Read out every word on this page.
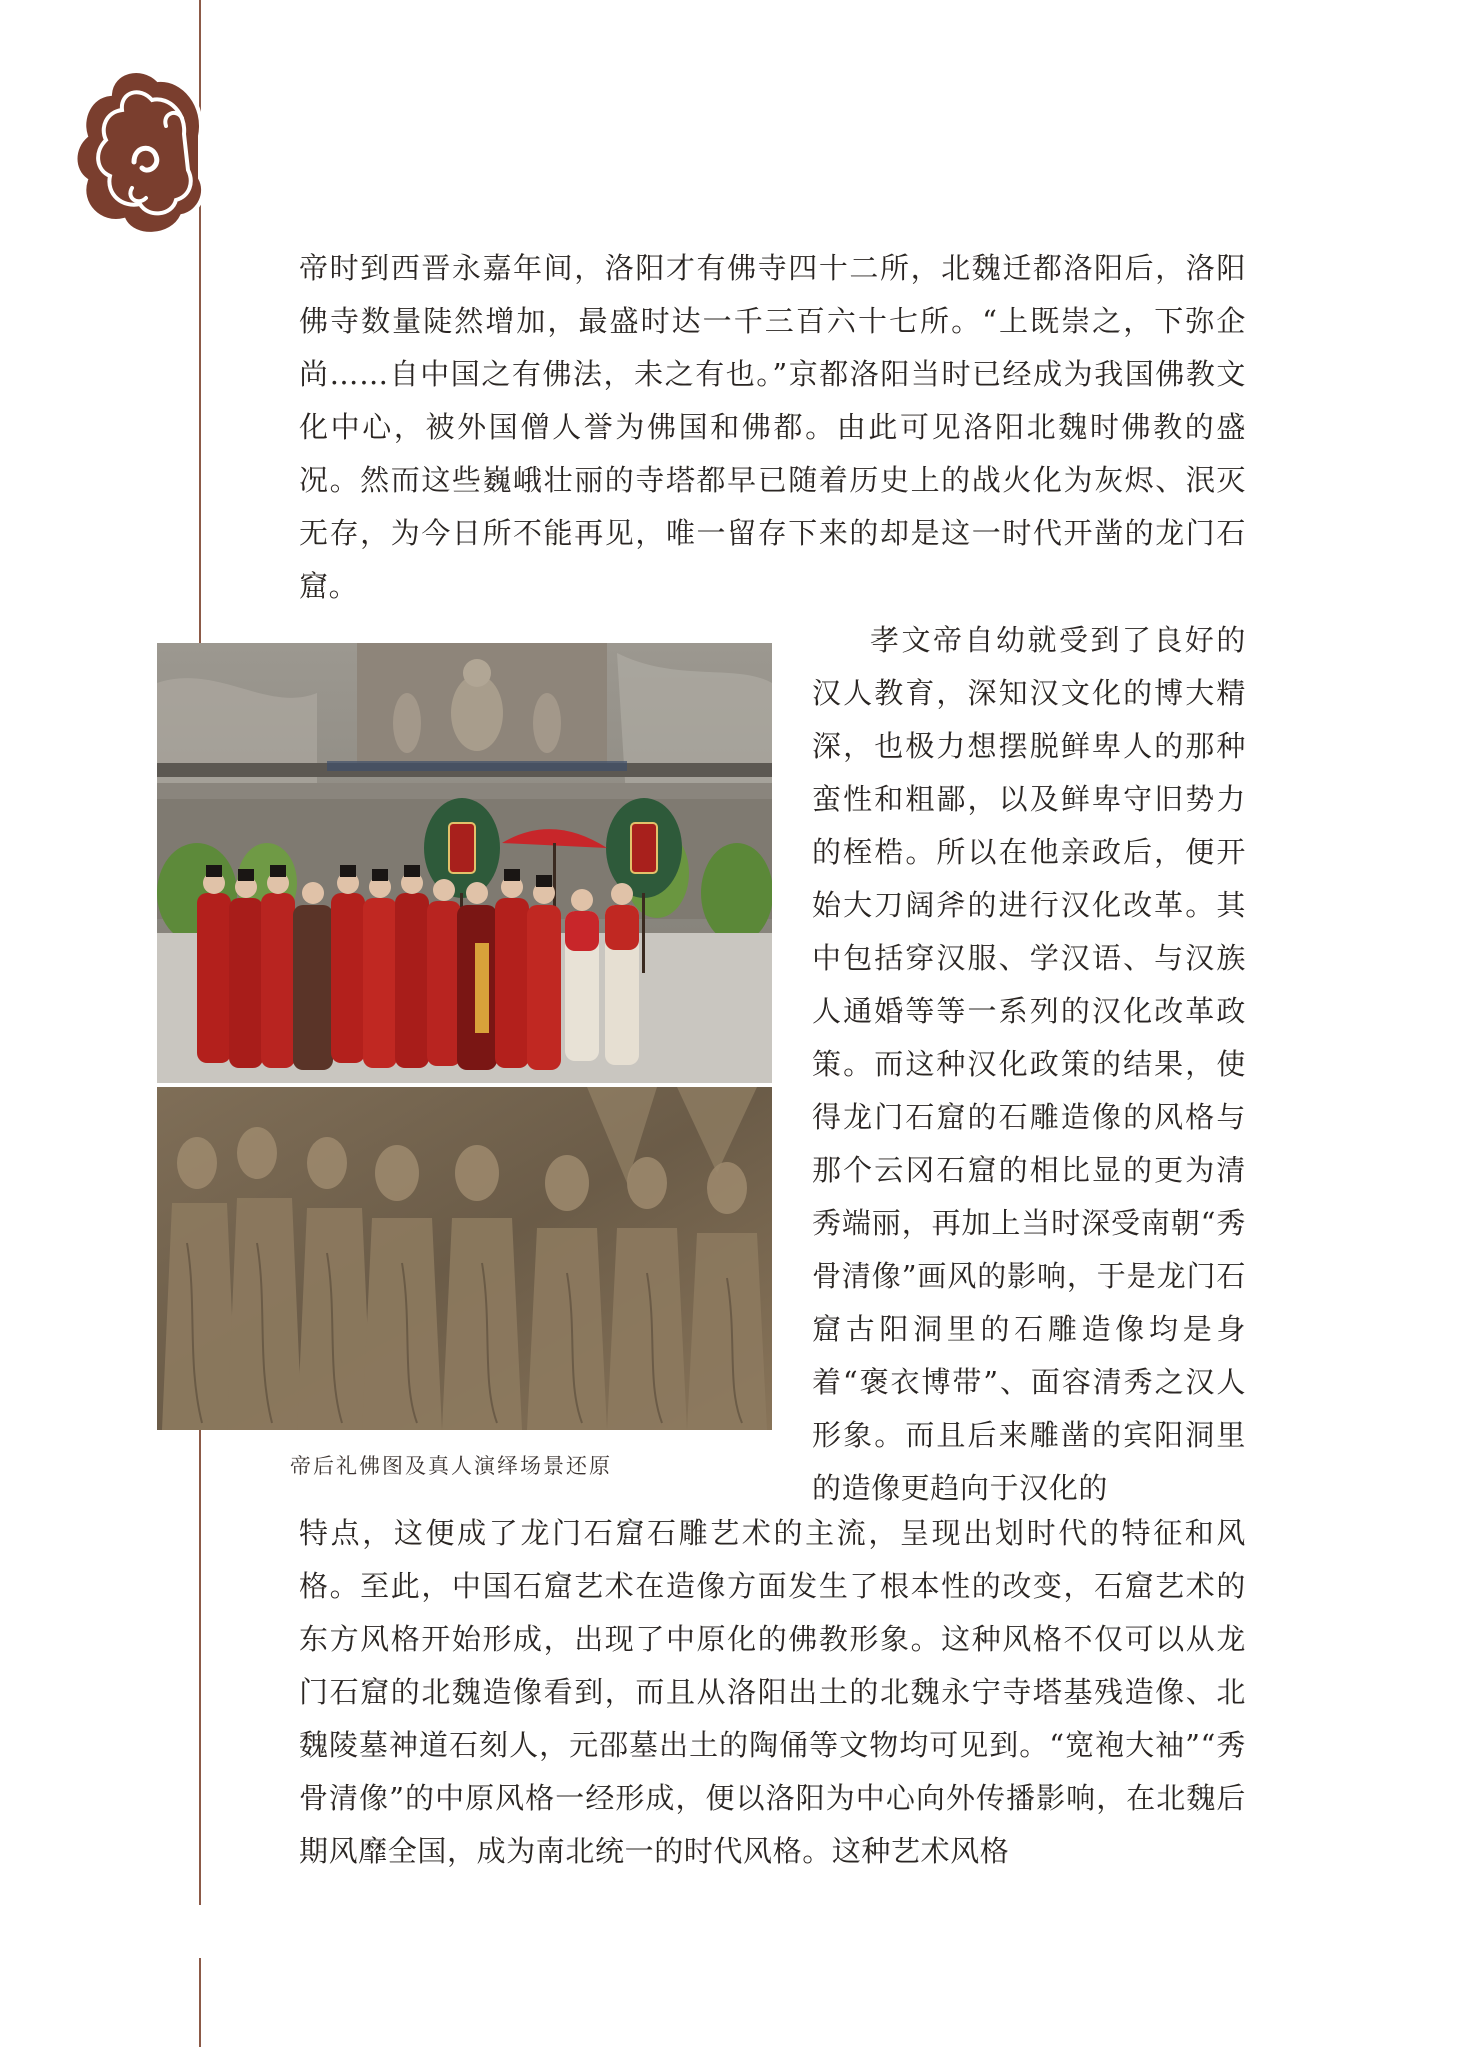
帝时到西晋永嘉年间，洛阳才有佛寺四十二所，北魏迁都洛阳后，洛阳佛寺数量陡然增加，最盛时达一千三百六十七所。“上既崇之，下弥企尚……自中国之有佛法，未之有也。”京都洛阳当时已经成为我国佛教文化中心，被外国僧人誉为佛国和佛都。由此可见洛阳北魏时佛教的盛况。然而这些巍峨壮丽的寺塔都早已随着历史上的战火化为灰烬、泯灭无存，为今日所不能再见，唯一留存下来的却是这一时代开凿的龙门石窟。

帝后礼佛图及真人演绎场景还原

孝文帝自幼就受到了良好的汉人教育，深知汉文化的博大精深，也极力想摆脱鲜卑人的那种蛮性和粗鄙，以及鲜卑守旧势力的桎梏。所以在他亲政后，便开始大刀阔斧的进行汉化改革。其中包括穿汉服、学汉语、与汉族人通婚等等一系列的汉化改革政策。而这种汉化政策的结果，使得龙门石窟的石雕造像的风格与那个云冈石窟的相比显的更为清秀端丽，再加上当时深受南朝“秀骨清像”画风的影响，于是龙门石窟古阳洞里的石雕造像均是身着“褒衣博带”、面容清秀之汉人形象。而且后来雕凿的宾阳洞里的造像更趋向于汉化的

特点，这便成了龙门石窟石雕艺术的主流，呈现出划时代的特征和风格。至此，中国石窟艺术在造像方面发生了根本性的改变，石窟艺术的东方风格开始形成，出现了中原化的佛教形象。这种风格不仅可以从龙门石窟的北魏造像看到，而且从洛阳出土的北魏永宁寺塔基残造像、北魏陵墓神道石刻人，元邵墓出土的陶俑等文物均可见到。“宽袍大袖”“秀骨清像”的中原风格一经形成，便以洛阳为中心向外传播影响，在北魏后期风靡全国，成为南北统一的时代风格。这种艺术风格
